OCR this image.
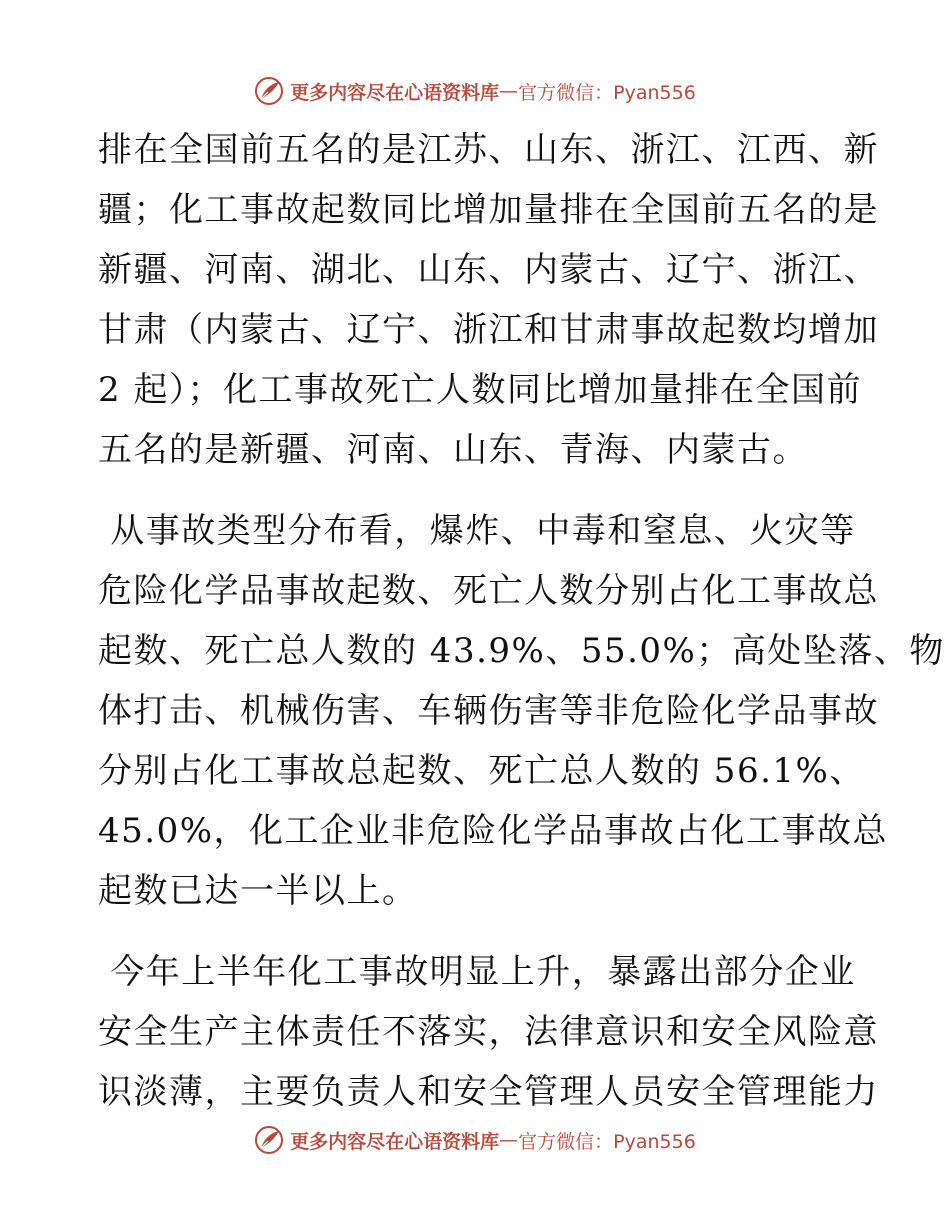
更多内容尽在心语资料库 — 官方微信：Pyan556
排在全国前五名的是江苏、山东、浙江、江西、新
疆；化工事故起数同比增加量排在全国前五名的是
新疆、河南、湖北、山东、内蒙古、辽宁、浙江、
甘肃（内蒙古、辽宁、浙江和甘肃事故起数均增加
2 起）；化工事故死亡人数同比增加量排在全国前
五名的是新疆、河南、山东、青海、内蒙古。
从事故类型分布看，爆炸、中毒和窒息、火灾等
危险化学品事故起数、死亡人数分别占化工事故总
起数、死亡总人数的 43.9%、55.0%；高处坠落、物
体打击、机械伤害、车辆伤害等非危险化学品事故
分别占化工事故总起数、死亡总人数的 56.1%、
45.0%，化工企业非危险化学品事故占化工事故总
起数已达一半以上。
今年上半年化工事故明显上升，暴露出部分企业
安全生产主体责任不落实，法律意识和安全风险意
识淡薄，主要负责人和安全管理人员安全管理能力
更多内容尽在心语资料库 — 官方微信：Pyan556
